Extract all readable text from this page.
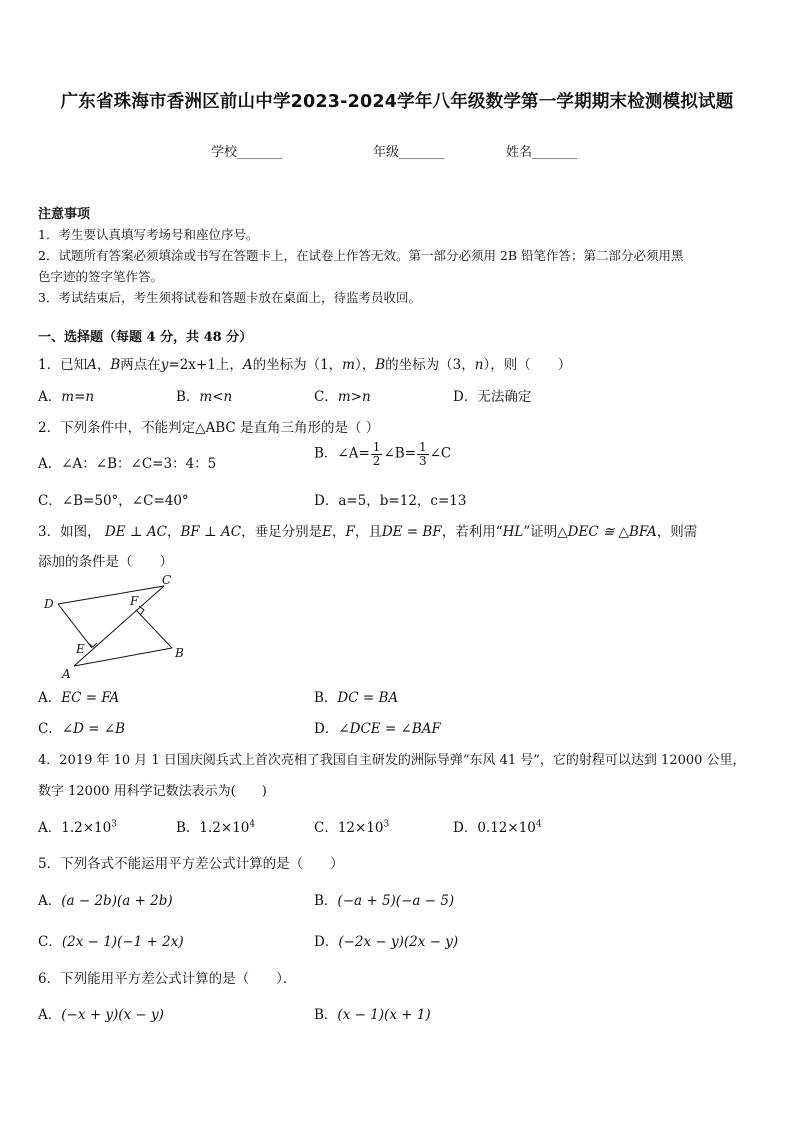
广东省珠海市香洲区前山中学2023-2024学年八年级数学第一学期期末检测模拟试题
学校_______	年级_______	姓名_______
注意事项
1．考生要认真填写考场号和座位序号。
2．试题所有答案必须填涂或书写在答题卡上，在试卷上作答无效。第一部分必须用 2B 铅笔作答；第二部分必须用黑
色字迹的签字笔作答。
3．考试结束后，考生须将试卷和答题卡放在桌面上，待监考员收回。
一、选择题（每题 4 分，共 48 分）
1．已知A，B两点在y=2x+1上，A的坐标为（1，m），B的坐标为（3，n），则（　　）
A．m=n	B．m<n	C．m>n	D．无法确定
2．下列条件中，不能判定△ABC 是直角三角形的是（ ）
A．∠A：∠B：∠C=3：4：5
B．∠A= $\frac{1}{2}$ ∠B= $\frac{1}{3}$ ∠C
C．∠B=50°，∠C=40°	D．a=5，b=12，c=13
3．如图， DE ⊥ AC，BF ⊥ AC，垂足分别是E，F，且DE = BF，若利用“HL”证明△DEC ≅ △BFA，则需
添加的条件是（　　）
C
D	F
E
A
B
A．EC = FA	B．DC = BA
C．∠D = ∠B	D．∠DCE = ∠BAF
4．2019 年 10 月 1 日国庆阅兵式上首次亮相了我国自主研发的洲际导弹“东风 41 号”，它的射程可以达到 12000 公里，
数字 12000 用科学记数法表示为(　　)
A．$1.2\times 10^3$	B．$1.2\times 10^4$	C．$12\times 10^3$	D．$0.12\times 10^4$
5．下列各式不能运用平方差公式计算的是（　　）
A．(a − 2b)(a + 2b)	B．(−a + 5)(−a − 5)
C．(2x − 1)(−1 + 2x)	D．(−2x − y)(2x − y)
6．下列能用平方差公式计算的是（　　）．
A．(−x + y)(x − y)	B．(x − 1)(x + 1)
